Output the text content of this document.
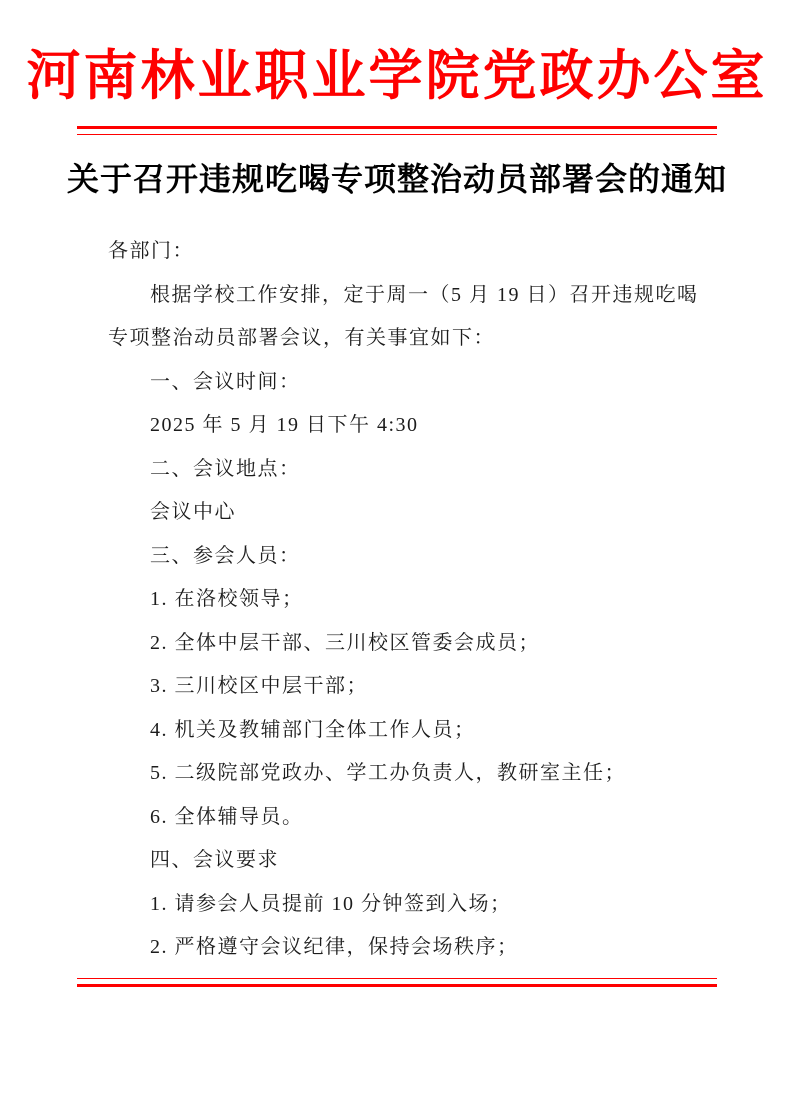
河南林业职业学院党政办公室
关于召开违规吃喝专项整治动员部署会的通知
各部门：
根据学校工作安排，定于周一（5 月 19 日）召开违规吃喝
专项整治动员部署会议，有关事宜如下：
一、会议时间：
2025 年 5 月 19 日下午 4:30
二、会议地点：
会议中心
三、参会人员：
1. 在洛校领导；
2. 全体中层干部、三川校区管委会成员；
3. 三川校区中层干部；
4. 机关及教辅部门全体工作人员；
5. 二级院部党政办、学工办负责人，教研室主任；
6. 全体辅导员。
四、会议要求
1. 请参会人员提前 10 分钟签到入场；
2. 严格遵守会议纪律，保持会场秩序；
